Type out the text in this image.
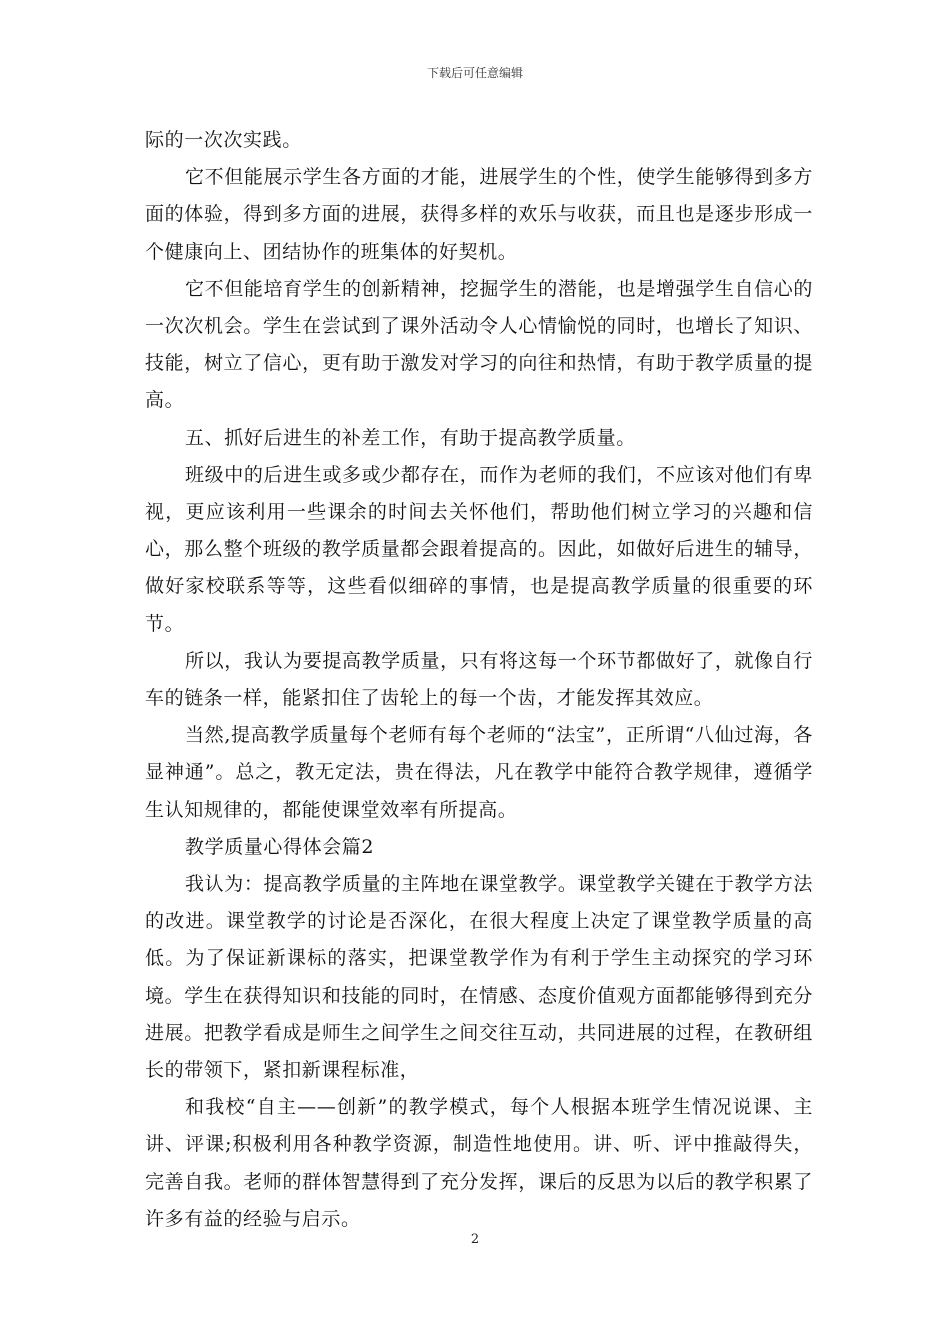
下载后可任意编辑

际的一次次实践。

它不但能展示学生各方面的才能，进展学生的个性，使学生能够得到多方面的体验，得到多方面的进展，获得多样的欢乐与收获，而且也是逐步形成一个健康向上、团结协作的班集体的好契机。

它不但能培育学生的创新精神，挖掘学生的潜能，也是增强学生自信心的一次次机会。学生在尝试到了课外活动令人心情愉悦的同时，也增长了知识、技能，树立了信心，更有助于激发对学习的向往和热情，有助于教学质量的提高。

五、抓好后进生的补差工作，有助于提高教学质量。

班级中的后进生或多或少都存在，而作为老师的我们，不应该对他们有卑视，更应该利用一些课余的时间去关怀他们，帮助他们树立学习的兴趣和信心，那么整个班级的教学质量都会跟着提高的。因此，如做好后进生的辅导，做好家校联系等等，这些看似细碎的事情，也是提高教学质量的很重要的环节。

所以，我认为要提高教学质量，只有将这每一个环节都做好了，就像自行车的链条一样，能紧扣住了齿轮上的每一个齿，才能发挥其效应。

当然,提高教学质量每个老师有每个老师的“法宝”，正所谓“八仙过海，各显神通”。总之，教无定法，贵在得法，凡在教学中能符合教学规律，遵循学生认知规律的，都能使课堂效率有所提高。

教学质量心得体会篇2

我认为：提高教学质量的主阵地在课堂教学。课堂教学关键在于教学方法的改进。课堂教学的讨论是否深化，在很大程度上决定了课堂教学质量的高低。为了保证新课标的落实，把课堂教学作为有利于学生主动探究的学习环境。学生在获得知识和技能的同时，在情感、态度价值观方面都能够得到充分进展。把教学看成是师生之间学生之间交往互动，共同进展的过程，在教研组长的带领下，紧扣新课程标准，

和我校“自主——创新”的教学模式，每个人根据本班学生情况说课、主讲、评课;积极利用各种教学资源，制造性地使用。讲、听、评中推敲得失，完善自我。老师的群体智慧得到了充分发挥，课后的反思为以后的教学积累了许多有益的经验与启示。

2
